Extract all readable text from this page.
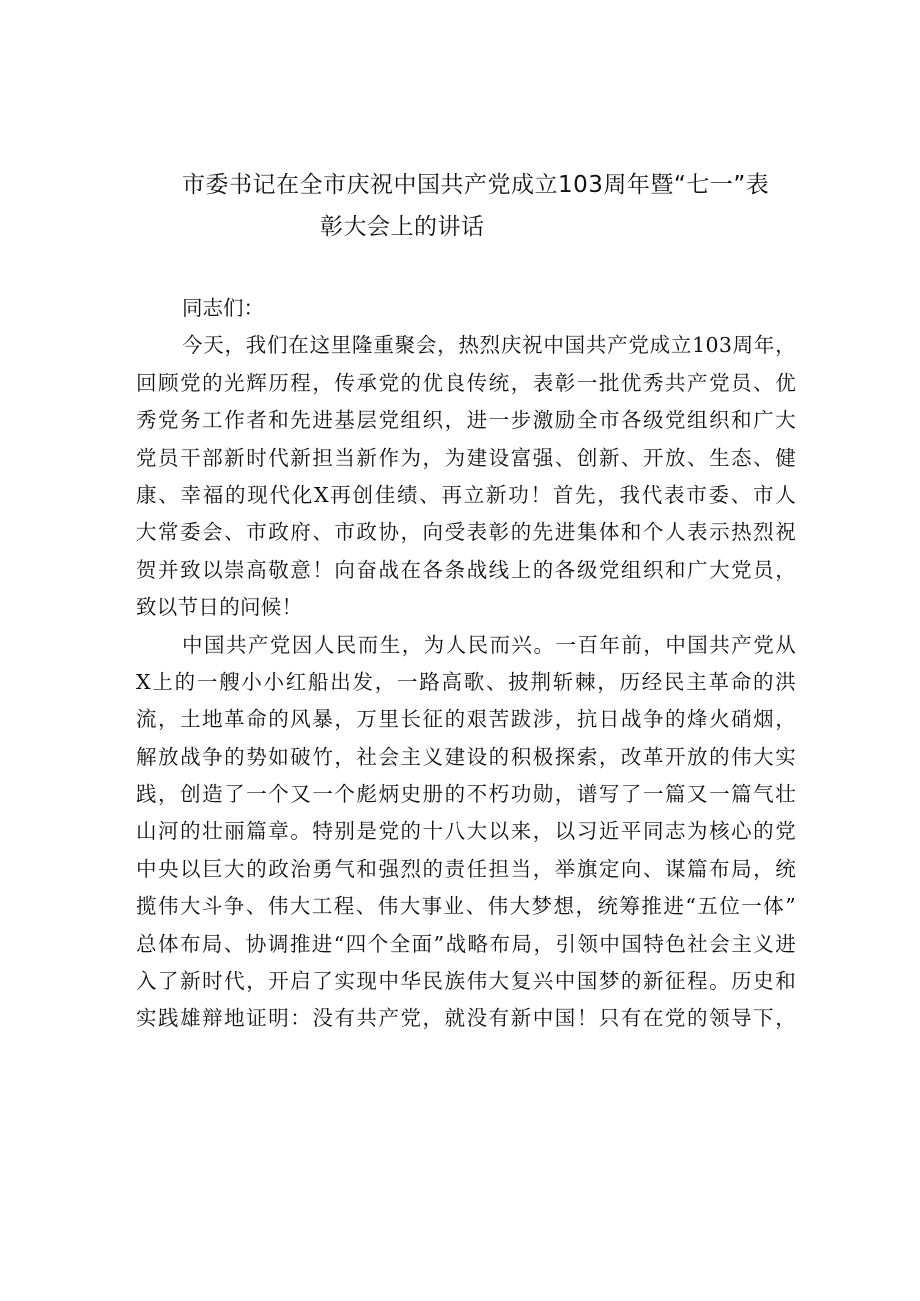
市委书记在全市庆祝中国共产党成立103周年暨“七一”表
彰大会上的讲话
同志们：
今天，我们在这里隆重聚会，热烈庆祝中国共产党成立103周年，
回顾党的光辉历程，传承党的优良传统，表彰一批优秀共产党员、优
秀党务工作者和先进基层党组织，进一步激励全市各级党组织和广大
党员干部新时代新担当新作为，为建设富强、创新、开放、生态、健
康、幸福的现代化X再创佳绩、再立新功！首先，我代表市委、市人
大常委会、市政府、市政协，向受表彰的先进集体和个人表示热烈祝
贺并致以崇高敬意！向奋战在各条战线上的各级党组织和广大党员，
致以节日的问候！
中国共产党因人民而生，为人民而兴。一百年前，中国共产党从
X上的一艘小小红船出发，一路高歌、披荆斩棘，历经民主革命的洪
流，土地革命的风暴，万里长征的艰苦跋涉，抗日战争的烽火硝烟，
解放战争的势如破竹，社会主义建设的积极探索，改革开放的伟大实
践，创造了一个又一个彪炳史册的不朽功勋，谱写了一篇又一篇气壮
山河的壮丽篇章。特别是党的十八大以来，以习近平同志为核心的党
中央以巨大的政治勇气和强烈的责任担当，举旗定向、谋篇布局，统
揽伟大斗争、伟大工程、伟大事业、伟大梦想，统筹推进“五位一体”
总体布局、协调推进“四个全面”战略布局，引领中国特色社会主义进
入了新时代，开启了实现中华民族伟大复兴中国梦的新征程。历史和
实践雄辩地证明：没有共产党，就没有新中国！只有在党的领导下，
